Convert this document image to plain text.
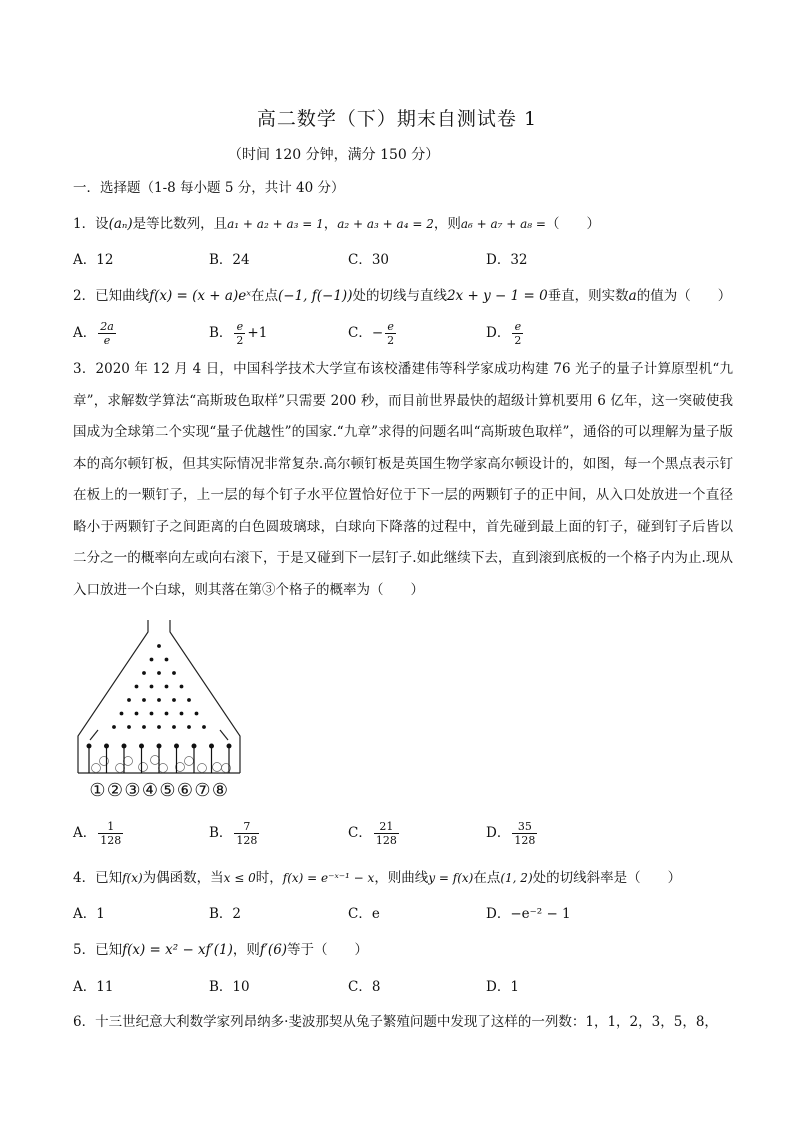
高二数学（下）期末自测试卷 1
（时间 120 分钟，满分 150 分）
一．选择题（1-8 每小题 5 分，共计 40 分）
1．设(aₙ)是等比数列，且a₁ + a₂ + a₃ = 1，a₂ + a₃ + a₄ = 2，则a₆ + a₇ + a₈ =（　　）
A．12	B．24	C．30	D．32
2．已知曲线f(x) = (x + a)eˣ在点(−1, f(−1))处的切线与直线2x + y − 1 = 0垂直，则实数a的值为（　　）
A． $\frac{2a}{e}$	B． $\frac{e}{2} +1$	C．− $\frac{e}{2}$	D． $\frac{e}{2}$
3．2020 年 12 月 4 日，中国科学技术大学宣布该校潘建伟等科学家成功构建 76 光子的量子计算原型机“九章”，求解数学算法“高斯玻色取样”只需要 200 秒，而目前世界最快的超级计算机要用 6 亿年，这一突破使我国成为全球第二个实现“量子优越性”的国家.“九章”求得的问题名叫“高斯玻色取样”，通俗的可以理解为量子版本的高尔顿钉板，但其实际情况非常复杂.高尔顿钉板是英国生物学家高尔顿设计的，如图，每一个黑点表示钉在板上的一颗钉子，上一层的每个钉子水平位置恰好位于下一层的两颗钉子的正中间，从入口处放进一个直径略小于两颗钉子之间距离的白色圆玻璃球，白球向下降落的过程中，首先碰到最上面的钉子，碰到钉子后皆以二分之一的概率向左或向右滚下，于是又碰到下一层钉子.如此继续下去，直到滚到底板的一个格子内为止.现从入口放进一个白球，则其落在第③个格子的概率为（　　）
① ② ③ ④ ⑤ ⑥ ⑦ ⑧
A． $\frac{1}{128}$	B． $\frac{7}{128}$	C． $\frac{21}{128}$	D． $\frac{35}{128}$
4．已知f(x)为偶函数，当x ≤ 0时，f(x) = e⁻ˣ⁻¹ − x，则曲线y = f(x)在点(1, 2)处的切线斜率是（　　）
A．1	B．2	C．e	D．−e⁻² − 1
5．已知f(x) = x² − xf′(1)，则f′(6)等于（　　）
A．11	B．10	C．8	D．1
6．十三世纪意大利数学家列昂纳多·斐波那契从兔子繁殖问题中发现了这样的一列数：1，1，2，3，5，8，
